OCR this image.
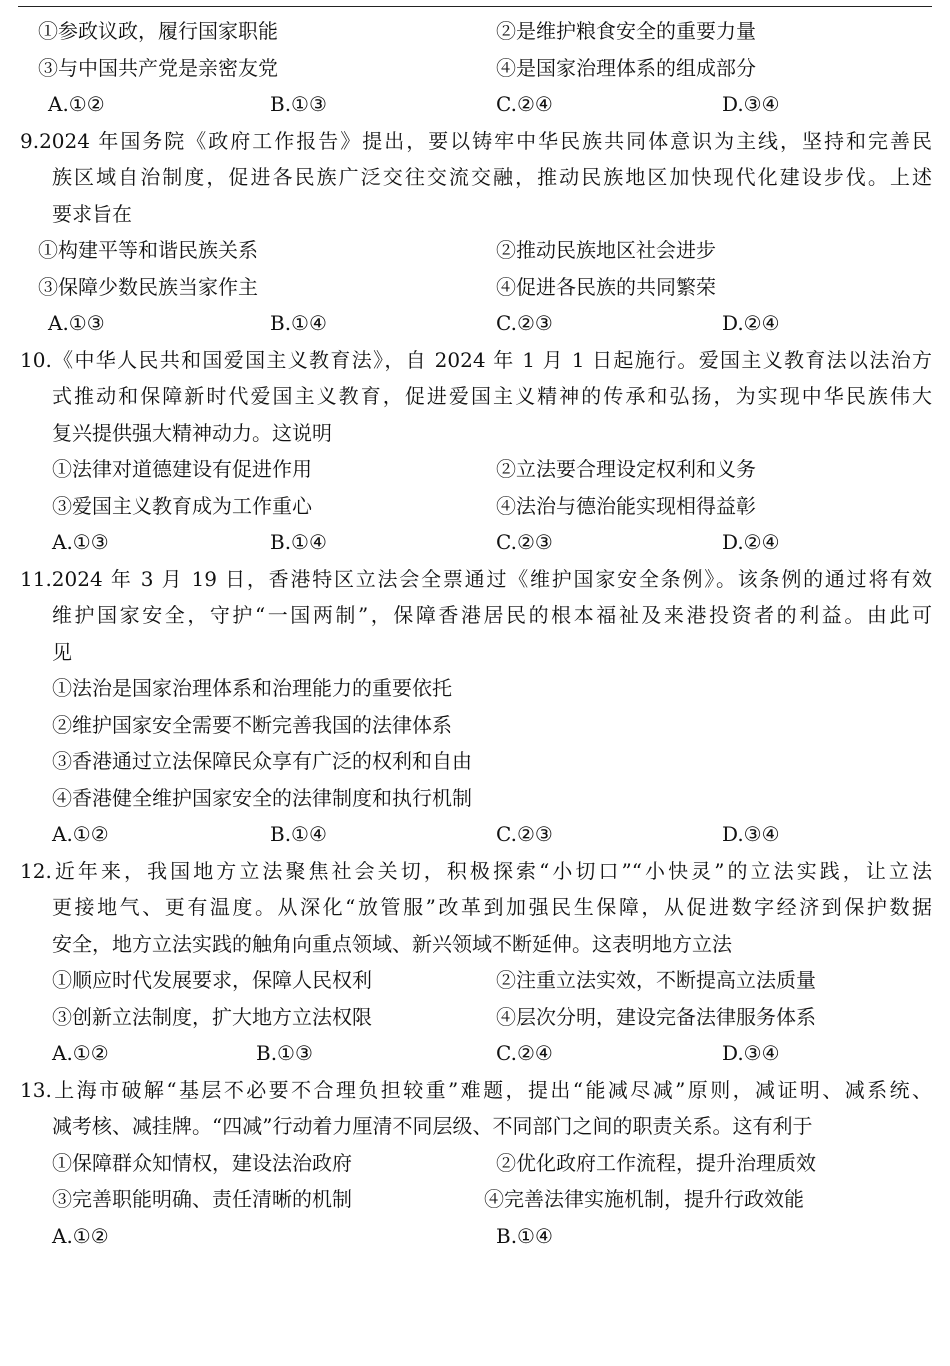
①参政议政，履行国家职能	②是维护粮食安全的重要力量
③与中国共产党是亲密友党	④是国家治理体系的组成部分
A.①②	B.①③	C.②④	D.③④
9.2024 年国务院《政府工作报告》提出，要以铸牢中华民族共同体意识为主线，坚持和完善民
族区域自治制度，促进各民族广泛交往交流交融，推动民族地区加快现代化建设步伐。上述
要求旨在
①构建平等和谐民族关系	②推动民族地区社会进步
③保障少数民族当家作主	④促进各民族的共同繁荣
A.①③	B.①④	C.②③	D.②④
10.《中华人民共和国爱国主义教育法》，自 2024 年 1 月 1 日起施行。爱国主义教育法以法治方
式推动和保障新时代爱国主义教育，促进爱国主义精神的传承和弘扬，为实现中华民族伟大
复兴提供强大精神动力。这说明
①法律对道德建设有促进作用	②立法要合理设定权利和义务
③爱国主义教育成为工作重心	④法治与德治能实现相得益彰
A.①③	B.①④	C.②③	D.②④
11.2024 年 3 月 19 日，香港特区立法会全票通过《维护国家安全条例》。该条例的通过将有效
维护国家安全，守护“一国两制”，保障香港居民的根本福祉及来港投资者的利益。由此可
见
①法治是国家治理体系和治理能力的重要依托
②维护国家安全需要不断完善我国的法律体系
③香港通过立法保障民众享有广泛的权利和自由
④香港健全维护国家安全的法律制度和执行机制
A.①②	B.①④	C.②③	D.③④
12.近年来，我国地方立法聚焦社会关切，积极探索“小切口”“小快灵”的立法实践，让立法
更接地气、更有温度。从深化“放管服”改革到加强民生保障，从促进数字经济到保护数据
安全，地方立法实践的触角向重点领域、新兴领域不断延伸。这表明地方立法
①顺应时代发展要求，保障人民权利	②注重立法实效，不断提高立法质量
③创新立法制度，扩大地方立法权限	④层次分明，建设完备法律服务体系
A.①②	B.①③	C.②④	D.③④
13.上海市破解“基层不必要不合理负担较重”难题，提出“能减尽减”原则，减证明、减系统、
减考核、减挂牌。“四减”行动着力厘清不同层级、不同部门之间的职责关系。这有利于
①保障群众知情权，建设法治政府	②优化政府工作流程，提升治理质效
③完善职能明确、责任清晰的机制	④完善法律实施机制，提升行政效能
A.①②	B.①④
